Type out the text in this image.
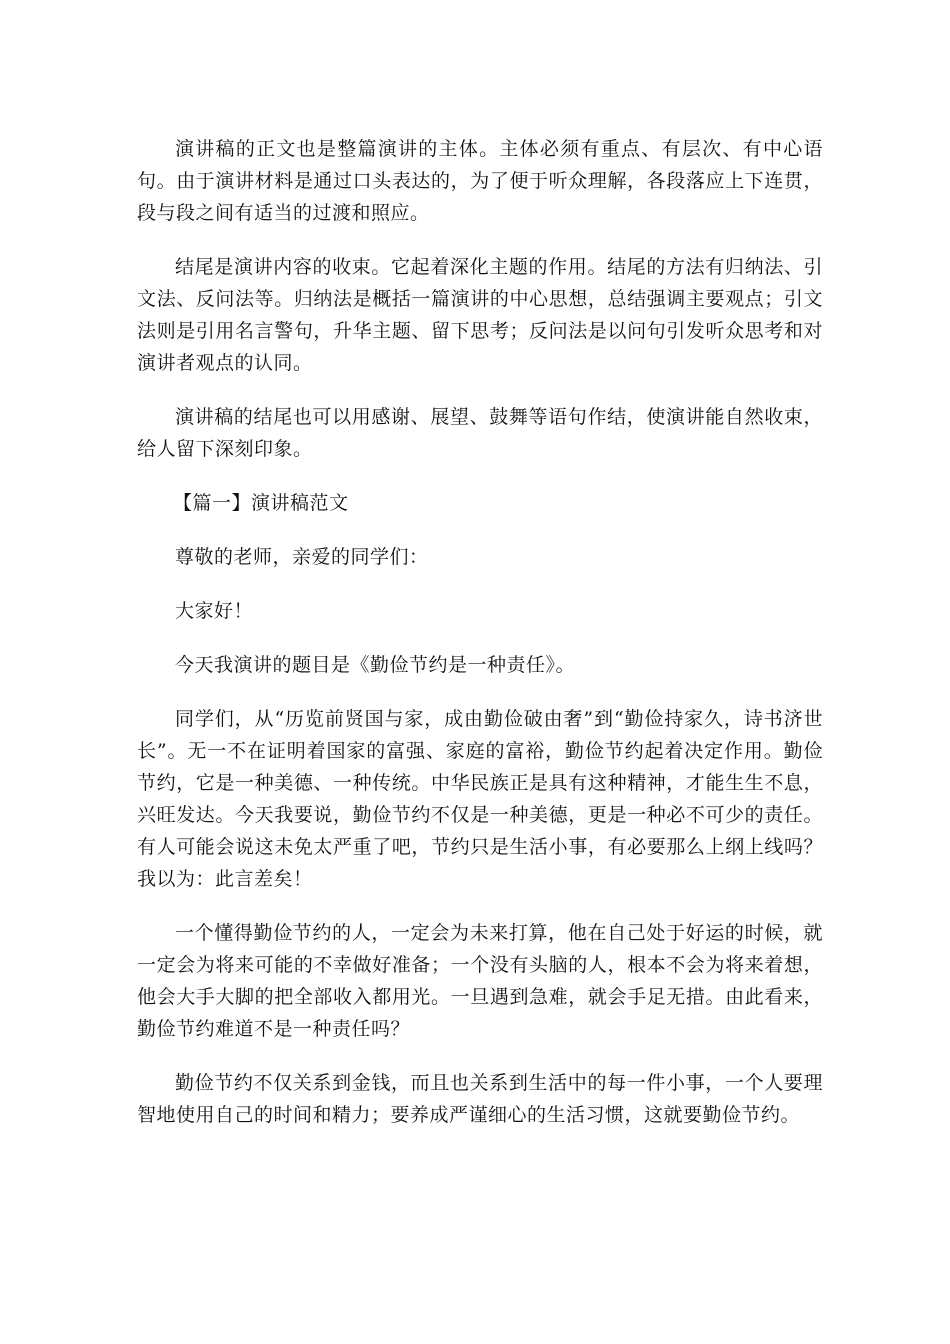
演讲稿的正文也是整篇演讲的主体。主体必须有重点、有层次、有中心语句。由于演讲材料是通过口头表达的，为了便于听众理解，各段落应上下连贯，段与段之间有适当的过渡和照应。

结尾是演讲内容的收束。它起着深化主题的作用。结尾的方法有归纳法、引文法、反问法等。归纳法是概括一篇演讲的中心思想，总结强调主要观点；引文法则是引用名言警句，升华主题、留下思考；反问法是以问句引发听众思考和对演讲者观点的认同。

演讲稿的结尾也可以用感谢、展望、鼓舞等语句作结，使演讲能自然收束，给人留下深刻印象。

【篇一】演讲稿范文

尊敬的老师，亲爱的同学们：

大家好！

今天我演讲的题目是《勤俭节约是一种责任》。

同学们，从“历览前贤国与家，成由勤俭破由奢”到“勤俭持家久，诗书济世长”。无一不在证明着国家的富强、家庭的富裕，勤俭节约起着决定作用。勤俭节约，它是一种美德、一种传统。中华民族正是具有这种精神，才能生生不息，兴旺发达。今天我要说，勤俭节约不仅是一种美德，更是一种必不可少的责任。有人可能会说这未免太严重了吧，节约只是生活小事，有必要那么上纲上线吗？我以为：此言差矣！

一个懂得勤俭节约的人，一定会为未来打算，他在自己处于好运的时候，就一定会为将来可能的不幸做好准备；一个没有头脑的人，根本不会为将来着想，他会大手大脚的把全部收入都用光。一旦遇到急难，就会手足无措。由此看来，勤俭节约难道不是一种责任吗？

勤俭节约不仅关系到金钱，而且也关系到生活中的每一件小事，一个人要理智地使用自己的时间和精力；要养成严谨细心的生活习惯，这就要勤俭节约。
